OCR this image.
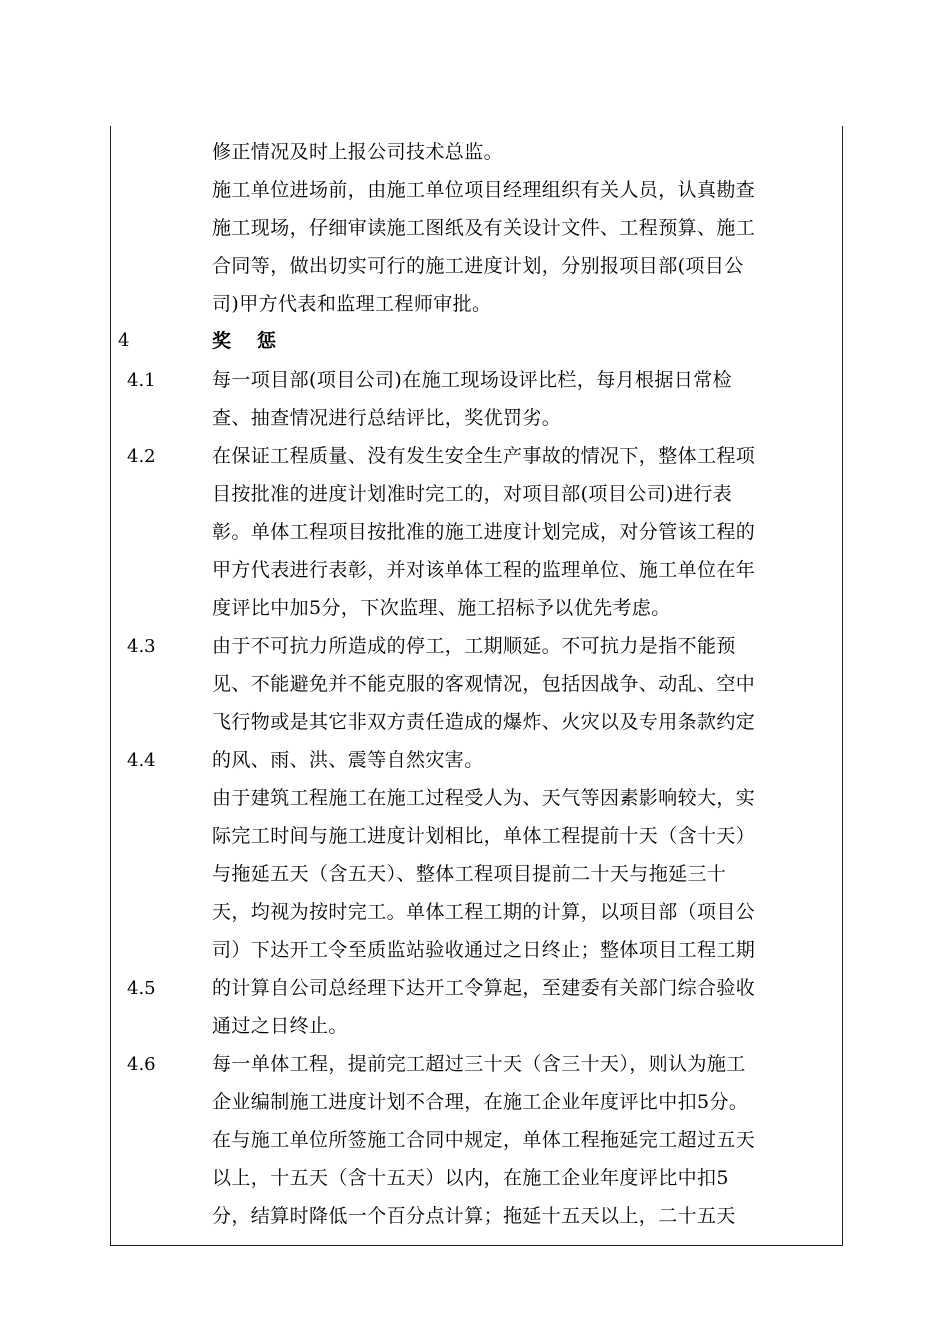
修正情况及时上报公司技术总监。
施工单位进场前，由施工单位项目经理组织有关人员，认真勘查
施工现场，仔细审读施工图纸及有关设计文件、工程预算、施工
合同等，做出切实可行的施工进度计划，分别报项目部(项目公
司)甲方代表和监理工程师审批。
4	奖惩
4.1	每一项目部(项目公司)在施工现场设评比栏，每月根据日常检
查、抽查情况进行总结评比，奖优罚劣。
4.2	在保证工程质量、没有发生安全生产事故的情况下，整体工程项
目按批准的进度计划准时完工的，对项目部(项目公司)进行表
彰。单体工程项目按批准的施工进度计划完成，对分管该工程的
甲方代表进行表彰，并对该单体工程的监理单位、施工单位在年
度评比中加5分，下次监理、施工招标予以优先考虑。
4.3	由于不可抗力所造成的停工，工期顺延。不可抗力是指不能预
见、不能避免并不能克服的客观情况，包括因战争、动乱、空中
飞行物或是其它非双方责任造成的爆炸、火灾以及专用条款约定
4.4	的风、雨、洪、震等自然灾害。
由于建筑工程施工在施工过程受人为、天气等因素影响较大，实
际完工时间与施工进度计划相比，单体工程提前十天（含十天）
与拖延五天（含五天）、整体工程项目提前二十天与拖延三十
天，均视为按时完工。单体工程工期的计算，以项目部（项目公
司）下达开工令至质监站验收通过之日终止；整体项目工程工期
4.5	的计算自公司总经理下达开工令算起，至建委有关部门综合验收
通过之日终止。
4.6	每一单体工程，提前完工超过三十天（含三十天），则认为施工
企业编制施工进度计划不合理，在施工企业年度评比中扣5分。
在与施工单位所签施工合同中规定，单体工程拖延完工超过五天
以上，十五天（含十五天）以内，在施工企业年度评比中扣5
分，结算时降低一个百分点计算；拖延十五天以上，二十五天
